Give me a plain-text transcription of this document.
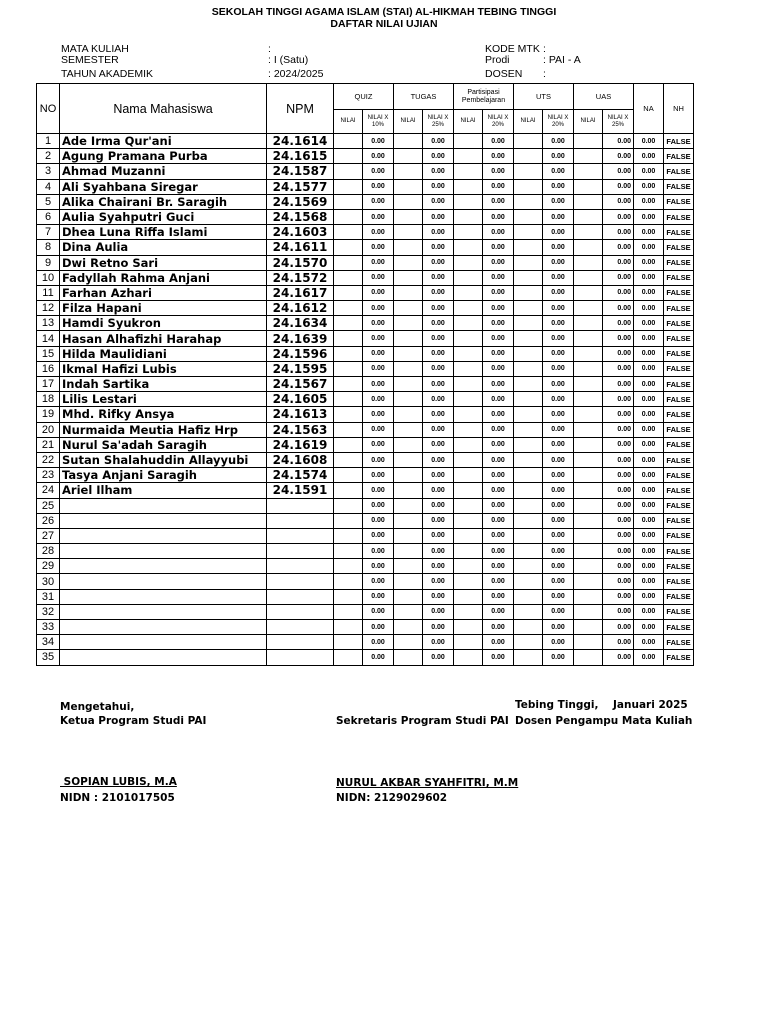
SEKOLAH TINGGI AGAMA ISLAM (STAI) AL-HIKMAH TEBING TINGGI
DAFTAR NILAI UJIAN
MATA KULIAH	:
SEMESTER	: I (Satu)
TAHUN AKADEMIK	: 2024/2025
KODE MTK :
Prodi	: PAI - A
DOSEN :
NO	Nama Mahasiswa	NPM	QUIZ		TUGAS		Partisipasi Pembelajaran		UTS		UAS		NA	NH
			NILAI	NILAI X 10%	NILAI	NILAI X 25%	NILAI	NILAI X 20%	NILAI	NILAI X 20%	NILAI	NILAI X 25%		
1	Ade Irma Qur'ani	24.1614		0.00		0.00		0.00		0.00		0.00	0.00	FALSE
2	Agung Pramana Purba	24.1615		0.00		0.00		0.00		0.00		0.00	0.00	FALSE
3	Ahmad Muzanni	24.1587		0.00		0.00		0.00		0.00		0.00	0.00	FALSE
4	Ali Syahbana Siregar	24.1577		0.00		0.00		0.00		0.00		0.00	0.00	FALSE
5	Alika Chairani Br. Saragih	24.1569		0.00		0.00		0.00		0.00		0.00	0.00	FALSE
6	Aulia Syahputri Guci	24.1568		0.00		0.00		0.00		0.00		0.00	0.00	FALSE
7	Dhea Luna Riffa Islami	24.1603		0.00		0.00		0.00		0.00		0.00	0.00	FALSE
8	Dina Aulia	24.1611		0.00		0.00		0.00		0.00		0.00	0.00	FALSE
9	Dwi Retno Sari	24.1570		0.00		0.00		0.00		0.00		0.00	0.00	FALSE
10	Fadyllah Rahma Anjani	24.1572		0.00		0.00		0.00		0.00		0.00	0.00	FALSE
11	Farhan Azhari	24.1617		0.00		0.00		0.00		0.00		0.00	0.00	FALSE
12	Filza Hapani	24.1612		0.00		0.00		0.00		0.00		0.00	0.00	FALSE
13	Hamdi Syukron	24.1634		0.00		0.00		0.00		0.00		0.00	0.00	FALSE
14	Hasan Alhafizhi Harahap	24.1639		0.00		0.00		0.00		0.00		0.00	0.00	FALSE
15	Hilda Maulidiani	24.1596		0.00		0.00		0.00		0.00		0.00	0.00	FALSE
16	Ikmal Hafizi Lubis	24.1595		0.00		0.00		0.00		0.00		0.00	0.00	FALSE
17	Indah Sartika	24.1567		0.00		0.00		0.00		0.00		0.00	0.00	FALSE
18	Lilis Lestari	24.1605		0.00		0.00		0.00		0.00		0.00	0.00	FALSE
19	Mhd. Rifky Ansya	24.1613		0.00		0.00		0.00		0.00		0.00	0.00	FALSE
20	Nurmaida Meutia Hafiz Hrp	24.1563		0.00		0.00		0.00		0.00		0.00	0.00	FALSE
21	Nurul Sa'adah Saragih	24.1619		0.00		0.00		0.00		0.00		0.00	0.00	FALSE
22	Sutan Shalahuddin Allayyubi	24.1608		0.00		0.00		0.00		0.00		0.00	0.00	FALSE
23	Tasya Anjani Saragih	24.1574		0.00		0.00		0.00		0.00		0.00	0.00	FALSE
24	Ariel Ilham	24.1591		0.00		0.00		0.00		0.00		0.00	0.00	FALSE
25				0.00		0.00		0.00		0.00		0.00	0.00	FALSE
26				0.00		0.00		0.00		0.00		0.00	0.00	FALSE
27				0.00		0.00		0.00		0.00		0.00	0.00	FALSE
28				0.00		0.00		0.00		0.00		0.00	0.00	FALSE
29				0.00		0.00		0.00		0.00		0.00	0.00	FALSE
30				0.00		0.00		0.00		0.00		0.00	0.00	FALSE
31				0.00		0.00		0.00		0.00		0.00	0.00	FALSE
32				0.00		0.00		0.00		0.00		0.00	0.00	FALSE
33				0.00		0.00		0.00		0.00		0.00	0.00	FALSE
34				0.00		0.00		0.00		0.00		0.00	0.00	FALSE
35				0.00		0.00		0.00		0.00		0.00	0.00	FALSE
Mengetahui,
Ketua Program Studi PAI	Sekretaris Program Studi PAI
Tebing Tinggi, Januari 2025
Dosen Pengampu Mata Kuliah
SOPIAN LUBIS, M.A
NIDN : 2101017505
NURUL AKBAR SYAHFITRI, M.M
NIDN: 2129029602
